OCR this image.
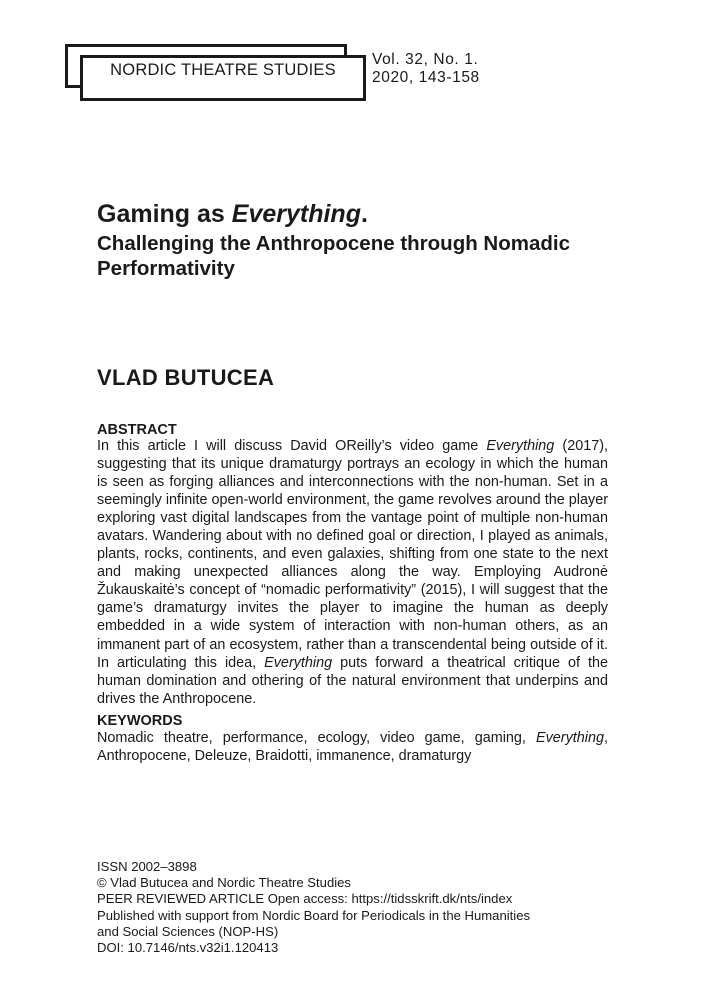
NORDIC THEATRE STUDIES
Vol. 32, No. 1.
2020, 143-158
Gaming as Everything.
Challenging the Anthropocene through Nomadic Performativity
VLAD BUTUCEA
ABSTRACT
In this article I will discuss David OReilly’s video game Everything (2017), suggesting that its unique dramaturgy portrays an ecology in which the human is seen as forging alliances and interconnections with the non-human. Set in a seemingly infinite open-world environment, the game revolves around the player exploring vast digital landscapes from the vantage point of multiple non-human avatars. Wandering about with no defined goal or direction, I played as animals, plants, rocks, continents, and even galaxies, shifting from one state to the next and making unexpected alliances along the way. Employing Audronė Žukauskaitė’s concept of “nomadic performativity” (2015), I will suggest that the game’s dramaturgy invites the player to imagine the human as deeply embedded in a wide system of interaction with non-human others, as an immanent part of an ecosystem, rather than a transcendental being outside of it. In articulating this idea, Everything puts forward a theatrical critique of the human domination and othering of the natural environment that underpins and drives the Anthropocene.
KEYWORDS
Nomadic theatre, performance, ecology, video game, gaming, Everything, Anthropocene, Deleuze, Braidotti, immanence, dramaturgy
ISSN 2002–3898
© Vlad Butucea and Nordic Theatre Studies
PEER REVIEWED ARTICLE Open access: https://tidsskrift.dk/nts/index
Published with support from Nordic Board for Periodicals in the Humanities
and Social Sciences (NOP-HS)
DOI: 10.7146/nts.v32i1.120413
